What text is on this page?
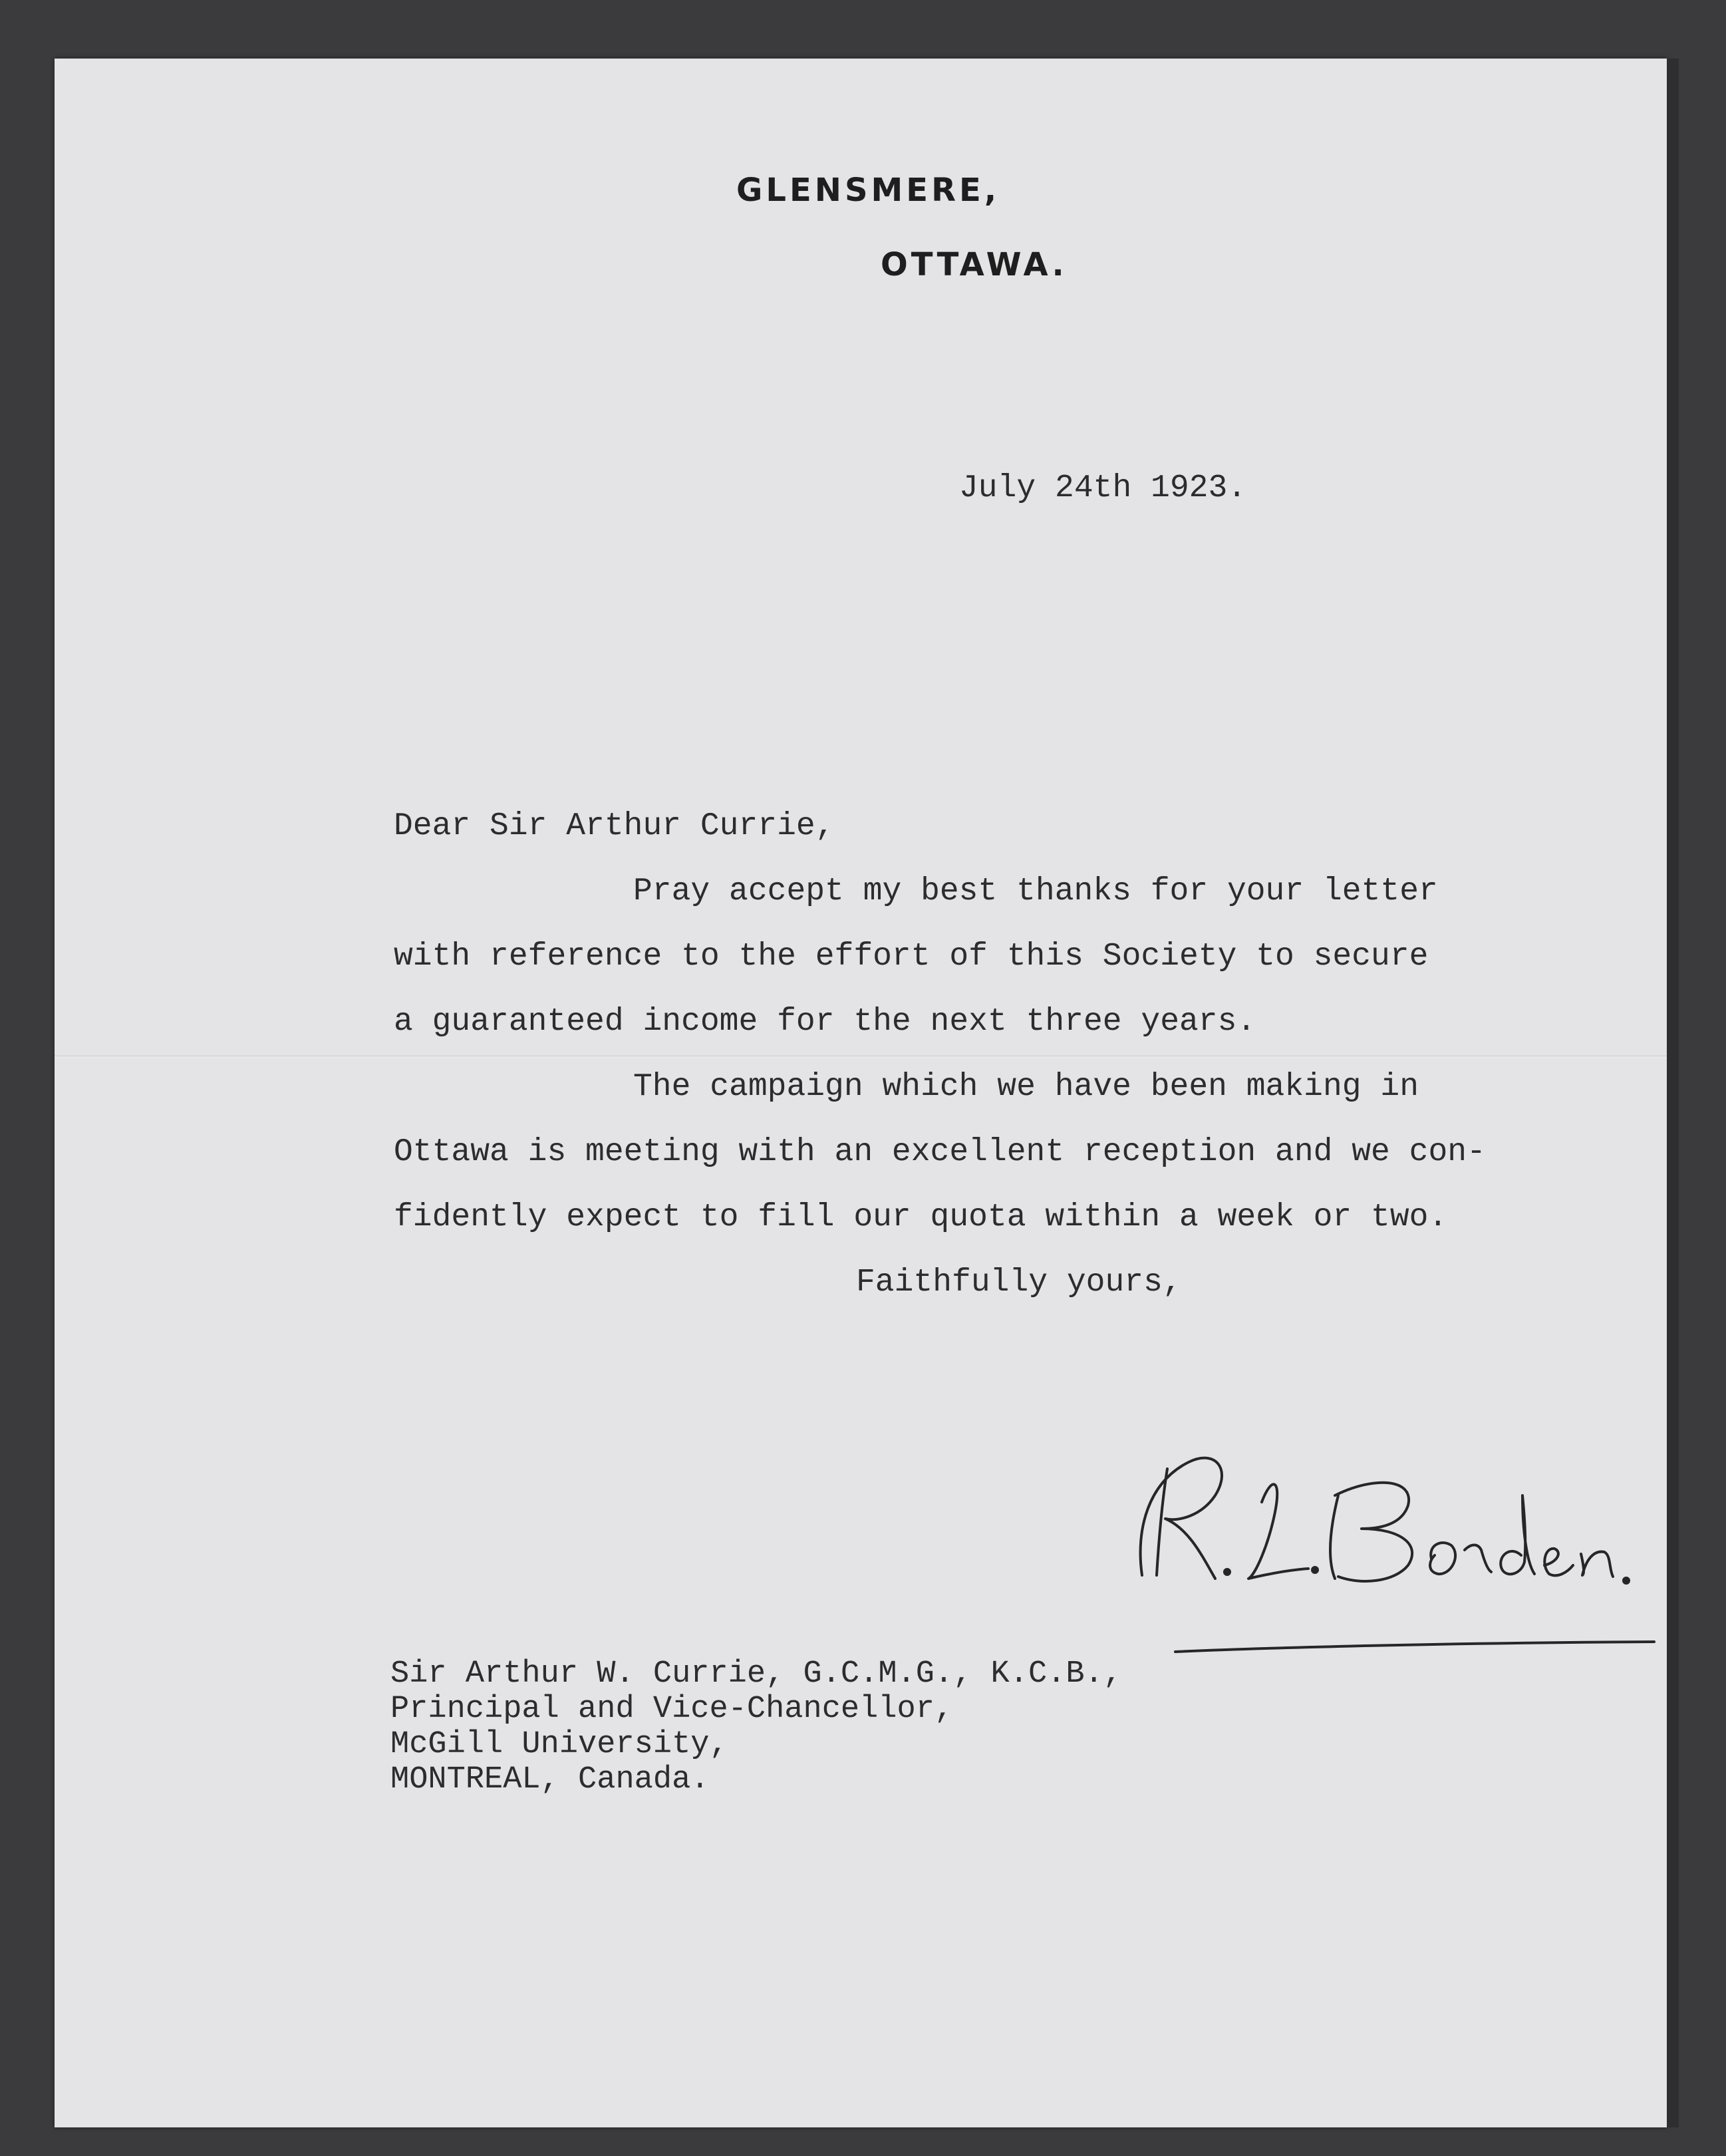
GLENSMERE,
OTTAWA.
July 24th 1923.
Dear Sir Arthur Currie,
Pray accept my best thanks for your letter
with reference to the effort of this Society to secure
a guaranteed income for the next three years.
The campaign which we have been making in
Ottawa is meeting with an excellent reception and we con-
fidently expect to fill our quota within a week or two.
Faithfully yours,
Sir Arthur W. Currie, G.C.M.G., K.C.B.,
Principal and Vice-Chancellor,
McGill University,
MONTREAL, Canada.
